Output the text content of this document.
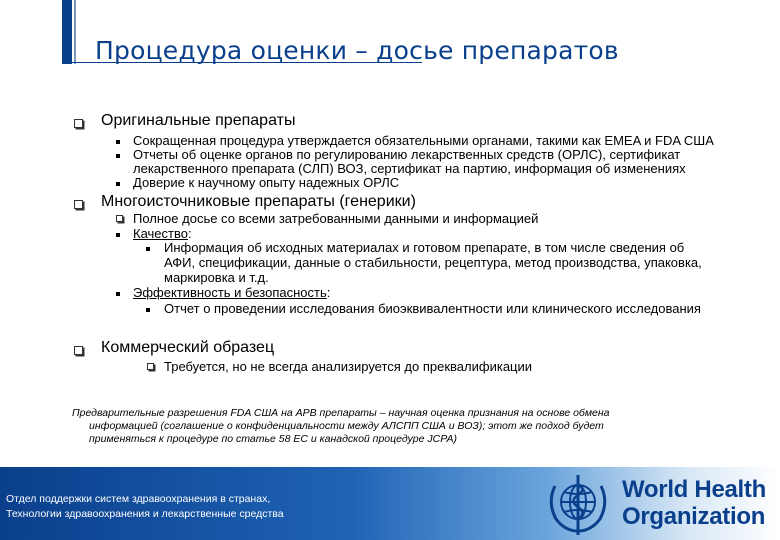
Процедура оценки – досье препаратов
Оригинальные препараты
Сокращенная процедура утверждается обязательными органами, такими как EMEA и FDA США
Отчеты об оценке органов по регулированию лекарственных средств (ОРЛС), сертификат
лекарственного препарата (СЛП) ВОЗ, сертификат на партию, информация об изменениях
Доверие к научному опыту надежных ОРЛС
Многоисточниковые препараты (генерики)
Полное досье со всеми затребованными данными и информацией
Качество:
Информация об исходных материалах и готовом препарате, в том числе сведения об
АФИ, спецификации, данные о стабильности, рецептура, метод производства, упаковка,
маркировка и т.д.
Эффективность и безопасность:
Отчет о проведении исследования биоэквивалентности или клинического исследования
Коммерческий образец
Требуется, но не всегда анализируется до преквалификации
Предварительные разрешения FDA США на АРВ препараты – научная оценка признания на основе обмена
информацией (соглашение о конфиденциальности между АЛСПП США и ВОЗ); этот же подход будет
применяться к процедуре по статье 58 ЕС и канадской процедуре JCPA)
Отдел поддержки систем здравоохранения в странах,
Технологии здравоохранения и лекарственные средства
World Health
Organization
